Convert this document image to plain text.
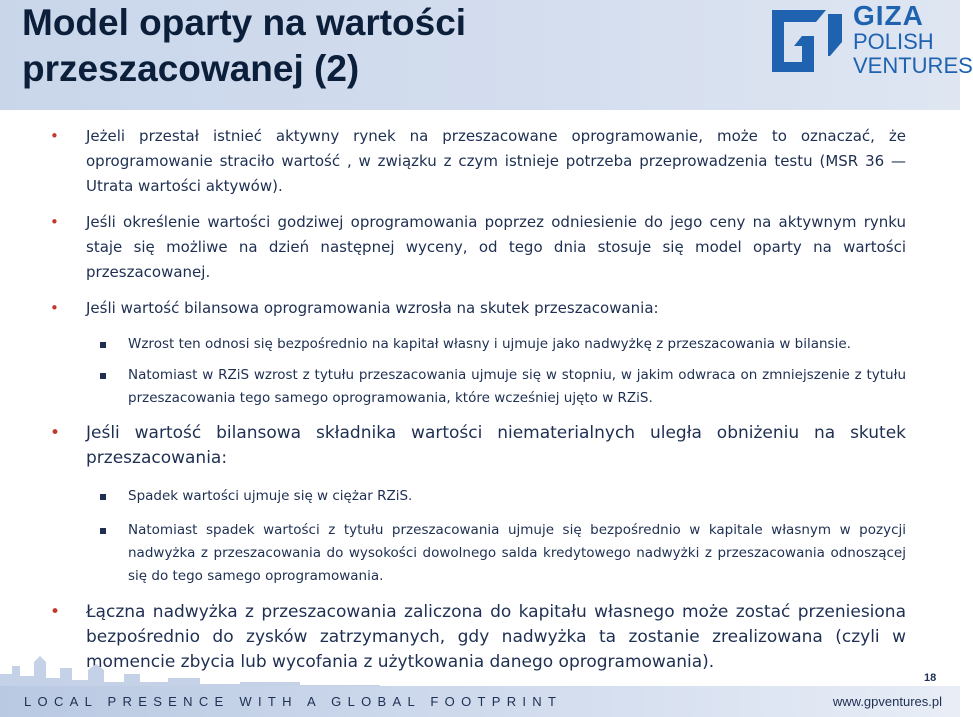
Model oparty na wartości
przeszacowanej (2)
GIZA
POLISH
VENTURES

• Jeżeli przestał istnieć aktywny rynek na przeszacowane oprogramowanie, może to oznaczać, że oprogramowanie straciło wartość , w związku z czym istnieje potrzeba przeprowadzenia testu (MSR 36 — Utrata wartości aktywów).

• Jeśli określenie wartości godziwej oprogramowania poprzez odniesienie do jego ceny na aktywnym rynku staje się możliwe na dzień następnej wyceny, od tego dnia stosuje się model oparty na wartości przeszacowanej.

• Jeśli wartość bilansowa oprogramowania wzrosła na skutek przeszacowania:

Wzrost ten odnosi się bezpośrednio na kapitał własny i ujmuje jako nadwyżkę z przeszacowania w bilansie.

Natomiast w RZiS wzrost z tytułu przeszacowania ujmuje się w stopniu, w jakim odwraca on zmniejszenie z tytułu przeszacowania tego samego oprogramowania, które wcześniej ujęto w RZiS.

• Jeśli wartość bilansowa składnika wartości niematerialnych uległa obniżeniu na skutek przeszacowania:

Spadek wartości ujmuje się w ciężar RZiS.

Natomiast spadek wartości z tytułu przeszacowania ujmuje się bezpośrednio w kapitale własnym w pozycji nadwyżka z przeszacowania do wysokości dowolnego salda kredytowego nadwyżki z przeszacowania odnoszącej się do tego samego oprogramowania.

• Łączna nadwyżka z przeszacowania zaliczona do kapitału własnego może zostać przeniesiona bezpośrednio do zysków zatrzymanych, gdy nadwyżka ta zostanie zrealizowana (czyli w momencie zbycia lub wycofania z użytkowania danego oprogramowania).

18
LOCAL PRESENCE WITH A GLOBAL FOOTPRINT	www.gpventures.pl
